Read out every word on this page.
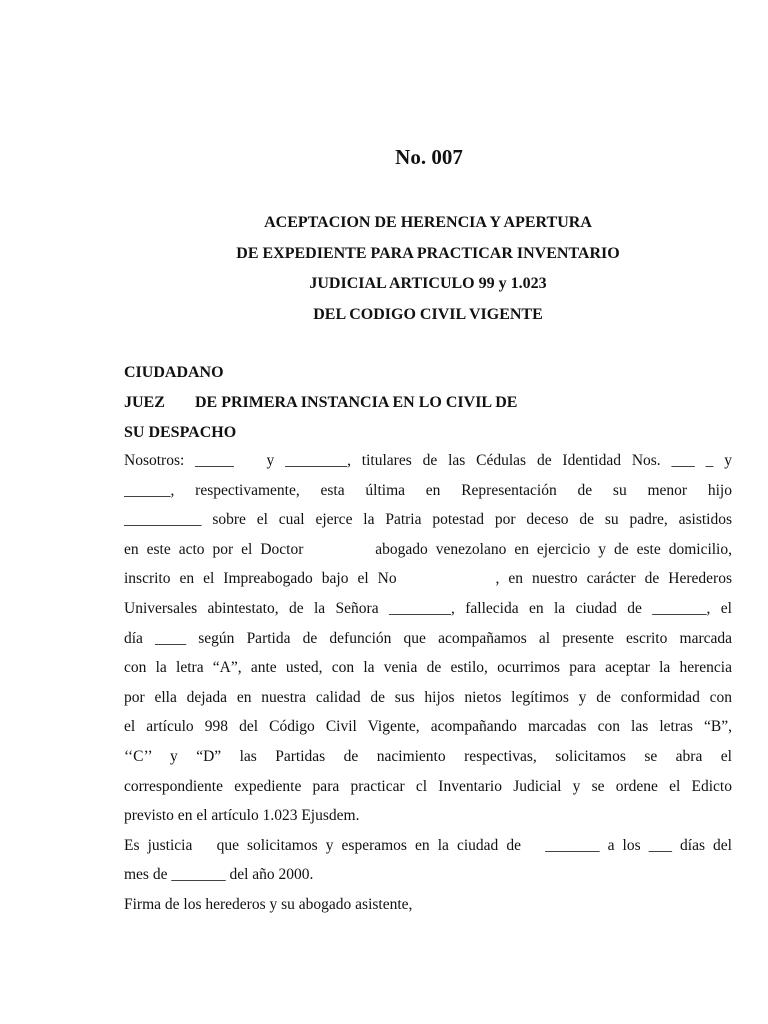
No. 007
ACEPTACION DE HERENCIA Y APERTURA
DE EXPEDIENTE PARA PRACTICAR INVENTARIO
JUDICIAL ARTICULO 99 y 1.023
DEL CODIGO CIVIL VIGENTE
CIUDADANO
JUEZ DE PRIMERA INSTANCIA EN LO CIVIL DE
SU DESPACHO
Nosotros: _____   y ________, titulares de las Cédulas de Identidad Nos. ___ _ y
______, respectivamente, esta última en Representación de su menor hijo
__________ sobre el cual ejerce la Patria potestad por deceso de su padre, asistidos
en este acto por el Doctor         abogado venezolano en ejercicio y de este domicilio,
inscrito en el Impreabogado bajo el No           , en nuestro carácter de Herederos
Universales abintestato, de la Señora ________, fallecida en la ciudad de _______, el
día ____ según Partida de defunción que acompañamos al presente escrito marcada
con la letra “A”, ante usted, con la venia de estilo, ocurrimos para aceptar la herencia
por ella dejada en nuestra calidad de sus hijos nietos legítimos y de conformidad con
el artículo 998 del Código Civil Vigente, acompañando marcadas con las letras “B”,
‘‘C’’ y “D” las Partidas de nacimiento respectivas, solicitamos se abra el
correspondiente expediente para practicar cl Inventario Judicial y se ordene el Edicto
previsto en el artículo 1.023 Ejusdem.
Es justicia   que solicitamos y esperamos en la ciudad de   _______ a los ___ días del
mes de _______ del año 2000.
Firma de los herederos y su abogado asistente,
